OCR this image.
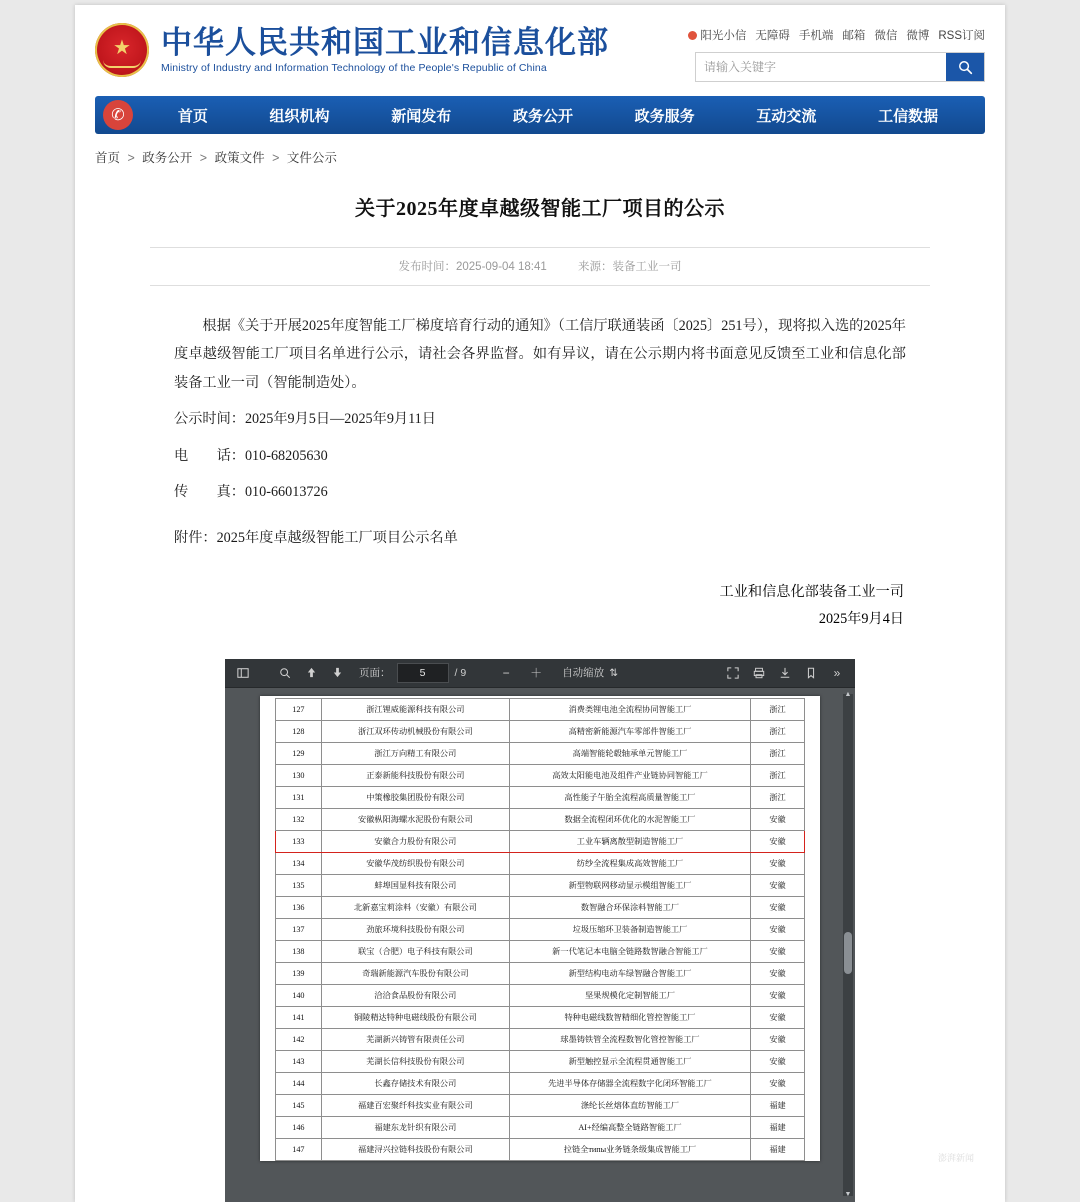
★
中华人民共和国工业和信息化部
Ministry of Industry and Information Technology of the People's Republic of China
阳光小信 无障碍 手机端 邮箱 微信 微博 RSS订阅
请输入关键字
✆	首页	组织机构	新闻发布	政务公开	政务服务	互动交流	工信数据
首页 > 政务公开 > 政策文件 > 文件公示
关于2025年度卓越级智能工厂项目的公示
发布时间：2025-09-04 18:41	来源：装备工业一司

根据《关于开展2025年度智能工厂梯度培育行动的通知》（工信厅联通装函〔2025〕251号），现将拟入选的2025年度卓越级智能工厂项目名单进行公示，请社会各界监督。如有异议，请在公示期内将书面意见反馈至工业和信息化部装备工业一司（智能制造处）。

公示时间：2025年9月5日—2025年9月11日

电　　话：010-68205630

传　　真：010-66013726

附件：2025年度卓越级智能工厂项目公示名单

工业和信息化部装备工业一司
2025年9月4日
页面：
5	/ 9	−	＋	自动缩放 ⇅	»
127	浙江锂威能源科技有限公司	消费类锂电池全流程协同智能工厂	浙江
128	浙江双环传动机械股份有限公司	高精密新能源汽车零部件智能工厂	浙江
129	浙江万向精工有限公司	高端智能轮毂轴承单元智能工厂	浙江
130	正泰新能科技股份有限公司	高效太阳能电池及组件产业链协同智能工厂	浙江
131	中策橡胶集团股份有限公司	高性能子午胎全流程高质量智能工厂	浙江
132	安徽枞阳海螺水泥股份有限公司	数据全流程闭环优化的水泥智能工厂	安徽
133	安徽合力股份有限公司	工业车辆离散型制造智能工厂	安徽
134	安徽华茂纺织股份有限公司	纺纱全流程集成高效智能工厂	安徽
135	蚌埠国显科技有限公司	新型物联网移动显示模组智能工厂	安徽
136	北新嘉宝莉涂料（安徽）有限公司	数智融合环保涂料智能工厂	安徽
137	劲旅环境科技股份有限公司	垃圾压缩环卫装备制造智能工厂	安徽
138	联宝（合肥）电子科技有限公司	新一代笔记本电脑全链路数智融合智能工厂	安徽
139	奇瑞新能源汽车股份有限公司	新型结构电动车绿智融合智能工厂	安徽
140	洽洽食品股份有限公司	坚果规模化定制智能工厂	安徽
141	铜陵精达特种电磁线股份有限公司	特种电磁线数智精细化管控智能工厂	安徽
142	芜湖新兴铸管有限责任公司	球墨铸铁管全流程数智化管控智能工厂	安徽
143	芜湖长信科技股份有限公司	新型触控显示全流程贯通智能工厂	安徽
144	长鑫存储技术有限公司	先进半导体存储器全流程数字化闭环智能工厂	安徽
145	福建百宏聚纤科技实业有限公司	涤纶长丝熔体直纺智能工厂	福建
146	福建东龙针织有限公司	AI+经编高整全链路智能工厂	福建
147	福建浔兴拉链科技股份有限公司	拉链全типы业务链条级集成智能工厂	福建
▲
▼
澎湃新闻
